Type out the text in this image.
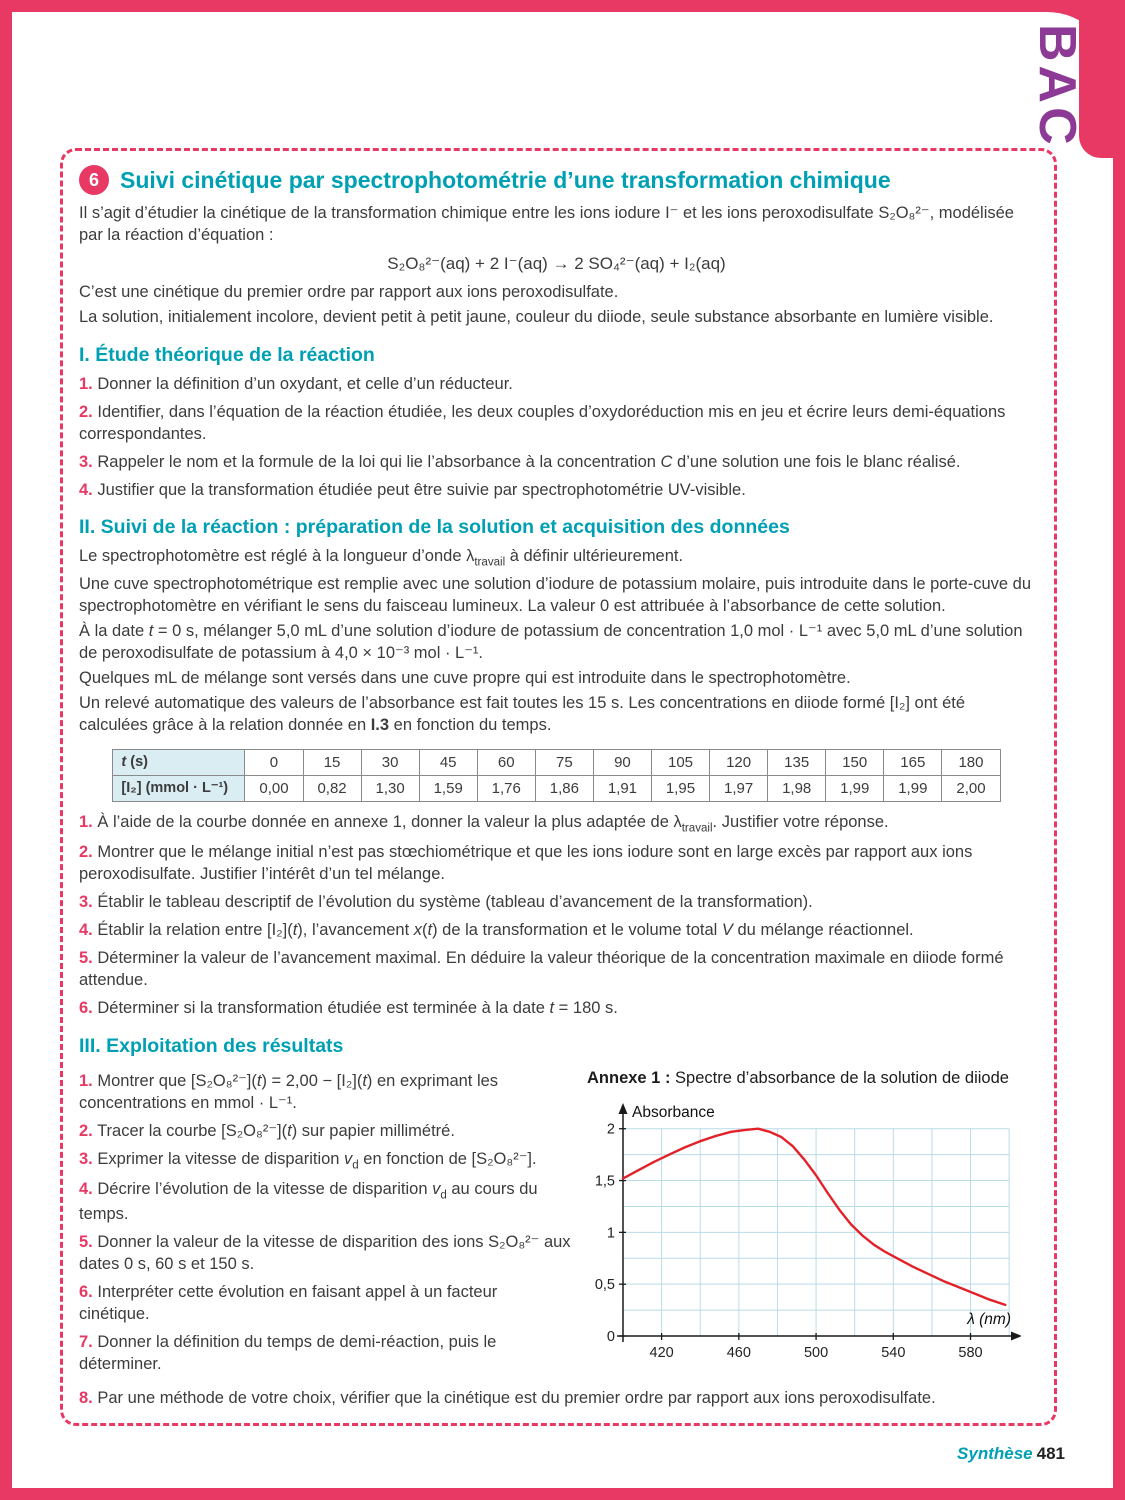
6 Suivi cinétique par spectrophotométrie d’une transformation chimique

Il s’agit d’étudier la cinétique de la transformation chimique entre les ions iodure I⁻ et les ions peroxodisulfate S₂O₈²⁻, modélisée par la réaction d’équation :

S₂O₈²⁻(aq) + 2 I⁻(aq) → 2 SO₄²⁻(aq) + I₂(aq)

C’est une cinétique du premier ordre par rapport aux ions peroxodisulfate.

La solution, initialement incolore, devient petit à petit jaune, couleur du diiode, seule substance absorbante en lumière visible.

I. Étude théorique de la réaction

1. Donner la définition d’un oxydant, et celle d’un réducteur.

2. Identifier, dans l’équation de la réaction étudiée, les deux couples d’oxydoréduction mis en jeu et écrire leurs demi-équations correspondantes.

3. Rappeler le nom et la formule de la loi qui lie l’absorbance à la concentration C d’une solution une fois le blanc réalisé.

4. Justifier que la transformation étudiée peut être suivie par spectrophotométrie UV-visible.

II. Suivi de la réaction : préparation de la solution et acquisition des données

Le spectrophotomètre est réglé à la longueur d’onde $\lambda_{travail}$ à définir ultérieurement.

Une cuve spectrophotométrique est remplie avec une solution d’iodure de potassium molaire, puis introduite dans le porte-cuve du spectrophotomètre en vérifiant le sens du faisceau lumineux. La valeur 0 est attribuée à l’absorbance de cette solution.

À la date t = 0 s, mélanger 5,0 mL d’une solution d’iodure de potassium de concentration 1,0 mol · L⁻¹ avec 5,0 mL d’une solution de peroxodisulfate de potassium à 4,0 × 10⁻³ mol · L⁻¹.

Quelques mL de mélange sont versés dans une cuve propre qui est introduite dans le spectrophotomètre.

Un relevé automatique des valeurs de l’absorbance est fait toutes les 15 s. Les concentrations en diiode formé [I₂] ont été calculées grâce à la relation donnée en I.3 en fonction du temps.

t (s)	0	15	30	45	60	75	90	105	120	135	150	165	180
[I₂] (mmol · L⁻¹)	0,00	0,82	1,30	1,59	1,76	1,86	1,91	1,95	1,97	1,98	1,99	1,99	2,00

1. À l’aide de la courbe donnée en annexe 1, donner la valeur la plus adaptée de $\lambda_{travail}$. Justifier votre réponse.

2. Montrer que le mélange initial n’est pas stœchiométrique et que les ions iodure sont en large excès par rapport aux ions peroxodisulfate. Justifier l’intérêt d’un tel mélange.

3. Établir le tableau descriptif de l’évolution du système (tableau d’avancement de la transformation).

4. Établir la relation entre [I₂](t), l’avancement x(t) de la transformation et le volume total V du mélange réactionnel.

5. Déterminer la valeur de l’avancement maximal. En déduire la valeur théorique de la concentration maximale en diiode formé attendue.

6. Déterminer si la transformation étudiée est terminée à la date t = 180 s.

III. Exploitation des résultats

1. Montrer que [S₂O₈²⁻](t) = 2,00 − [I₂](t) en exprimant les concentrations en mmol · L⁻¹.

2. Tracer la courbe [S₂O₈²⁻](t) sur papier millimétré.

3. Exprimer la vitesse de disparition $v_d$ en fonction de [S₂O₈²⁻].

4. Décrire l’évolution de la vitesse de disparition $v_d$ au cours du temps.

5. Donner la valeur de la vitesse de disparition des ions S₂O₈²⁻ aux dates 0 s, 60 s et 150 s.

6. Interpréter cette évolution en faisant appel à un facteur cinétique.

7. Donner la définition du temps de demi-réaction, puis le déterminer.

Annexe 1 : Spectre d’absorbance de la solution de diiode

420	460	500	540	580
0
0,5
1
1,5
2
Absorbance
λ (nm)

8. Par une méthode de votre choix, vérifier que la cinétique est du premier ordre par rapport aux ions peroxodisulfate.

Synthèse 481
BAC
